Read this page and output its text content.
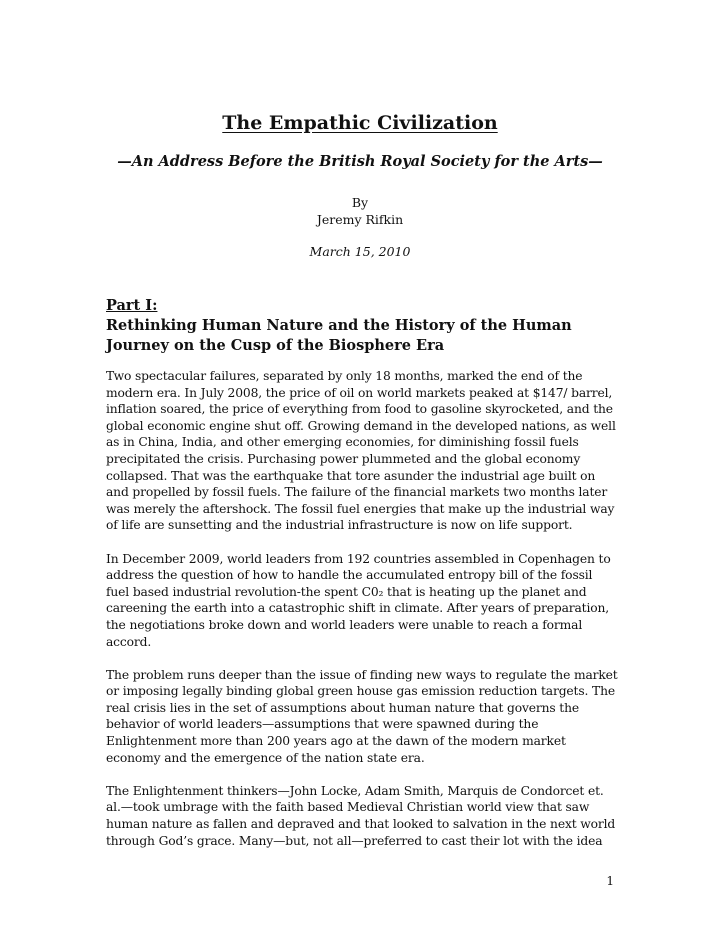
The Empathic Civilization
—An Address Before the British Royal Society for the Arts—
By
Jeremy Rifkin
March 15, 2010
Part I:
Rethinking Human Nature and the History of the Human Journey on the Cusp of the Biosphere Era

Two spectacular failures, separated by only 18 months, marked the end of the modern era. In July 2008, the price of oil on world markets peaked at $147/ barrel, inflation soared, the price of everything from food to gasoline skyrocketed, and the global economic engine shut off. Growing demand in the developed nations, as well as in China, India, and other emerging economies, for diminishing fossil fuels precipitated the crisis. Purchasing power plummeted and the global economy collapsed. That was the earthquake that tore asunder the industrial age built on and propelled by fossil fuels. The failure of the financial markets two months later was merely the aftershock. The fossil fuel energies that make up the industrial way of life are sunsetting and the industrial infrastructure is now on life support.

In December 2009, world leaders from 192 countries assembled in Copenhagen to address the question of how to handle the accumulated entropy bill of the fossil fuel based industrial revolution-the spent C0₂ that is heating up the planet and careening the earth into a catastrophic shift in climate. After years of preparation, the negotiations broke down and world leaders were unable to reach a formal accord.

The problem runs deeper than the issue of finding new ways to regulate the market or imposing legally binding global green house gas emission reduction targets. The real crisis lies in the set of assumptions about human nature that governs the behavior of world leaders—assumptions that were spawned during the Enlightenment more than 200 years ago at the dawn of the modern market economy and the emergence of the nation state era.

The Enlightenment thinkers—John Locke, Adam Smith, Marquis de Condorcet et. al.—took umbrage with the faith based Medieval Christian world view that saw human nature as fallen and depraved and that looked to salvation in the next world through God’s grace. Many—but, not all—preferred to cast their lot with the idea

1
